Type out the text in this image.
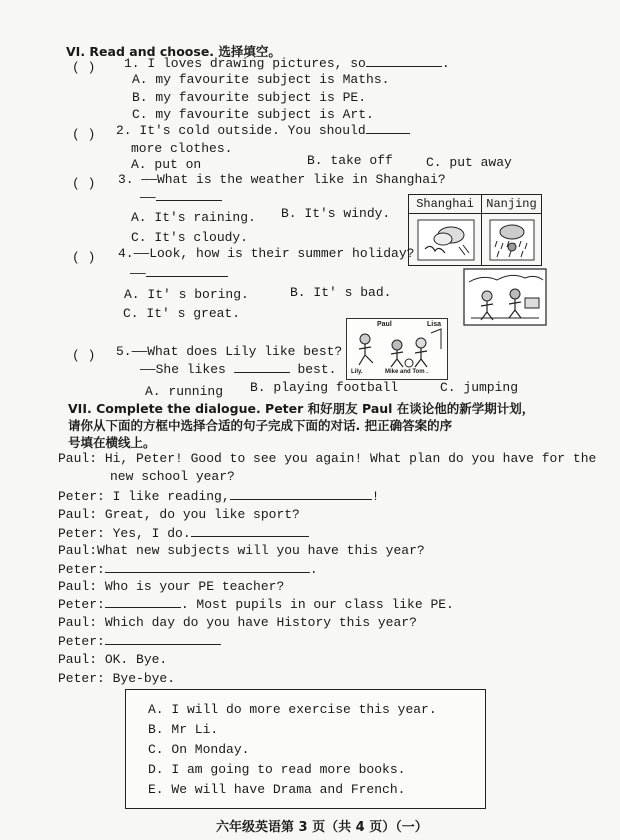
VI. Read and choose. 选择填空。
( ) 1. I loves drawing pictures, so	.
A. my favourite subject is Maths.
B. my favourite subject is PE.
C. my favourite subject is Art.
( ) 2. It's cold outside. You should
more clothes.
A. put on	B. take off	C. put away
( ) 3. ——What is the weather like in Shanghai?
——
A. It's raining. B. It's windy.
C. It's cloudy.
Shanghai	Nanjing
( ) 4.——Look, how is their summer holiday?
——
A. It' s boring.	B. It' s bad.
C. It' s great.
( ) 5.——What does Lily like best?
——She likes	best.
A. running B. playing football	C. jumping
Paul	Lisa
Lily.	Mike and Tom .
VII. Complete the dialogue. Peter 和好朋友 Paul 在谈论他的新学期计划，
请你从下面的方框中选择合适的句子完成下面的对话. 把正确答案的序
号填在横线上。
Paul: Hi, Peter! Good to see you again! What plan do you have for the
new school year?
Peter: I like reading,	!
Paul: Great, do you like sport?
Peter: Yes, I do.
Paul:What new subjects will you have this year?
Peter:	.
Paul: Who is your PE teacher?
Peter:	. Most pupils in our class like PE.
Paul: Which day do you have History this year?
Peter:
Paul: OK. Bye.
Peter: Bye-bye.
A. I will do more exercise this year.
B. Mr Li.
C. On Monday.
D. I am going to read more books.
E. We will have Drama and French.
六年级英语第 3 页（共 4 页）（一）
